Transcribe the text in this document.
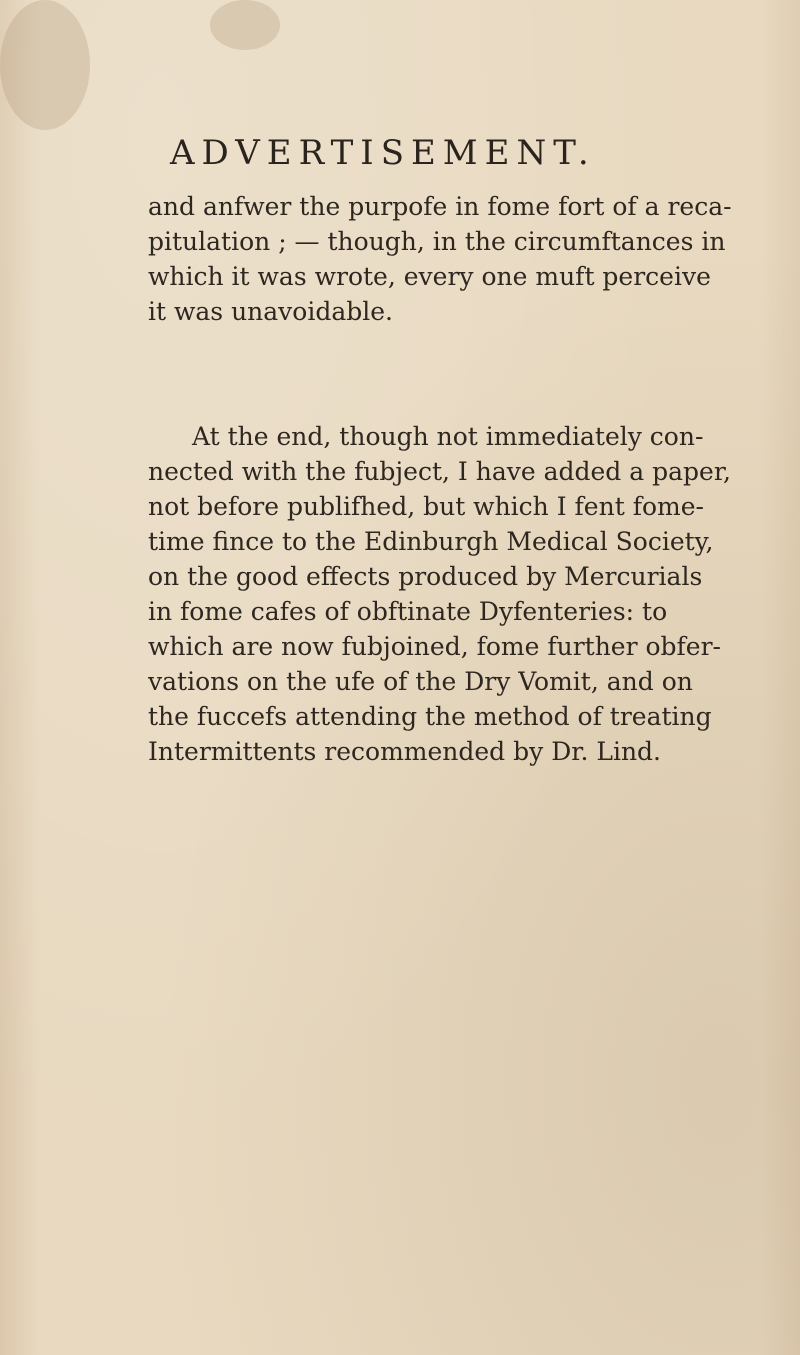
ADVERTISEMENT.
and anfwer the purpofe in fome fort of a reca-
pitulation ; — though, in the circumftances in
which it was wrote, every one muft perceive
it was unavoidable.
At the end, though not immediately con-
nected with the fubject, I have added a paper,
not before publifhed, but which I fent fome-
time fince to the Edinburgh Medical Society,
on the good effects produced by Mercurials
in fome cafes of obftinate Dyfenteries: to
which are now fubjoined, fome further obfer-
vations on the ufe of the Dry Vomit, and on
the fuccefs attending the method of treating
Intermittents recommended by Dr. Lind.
